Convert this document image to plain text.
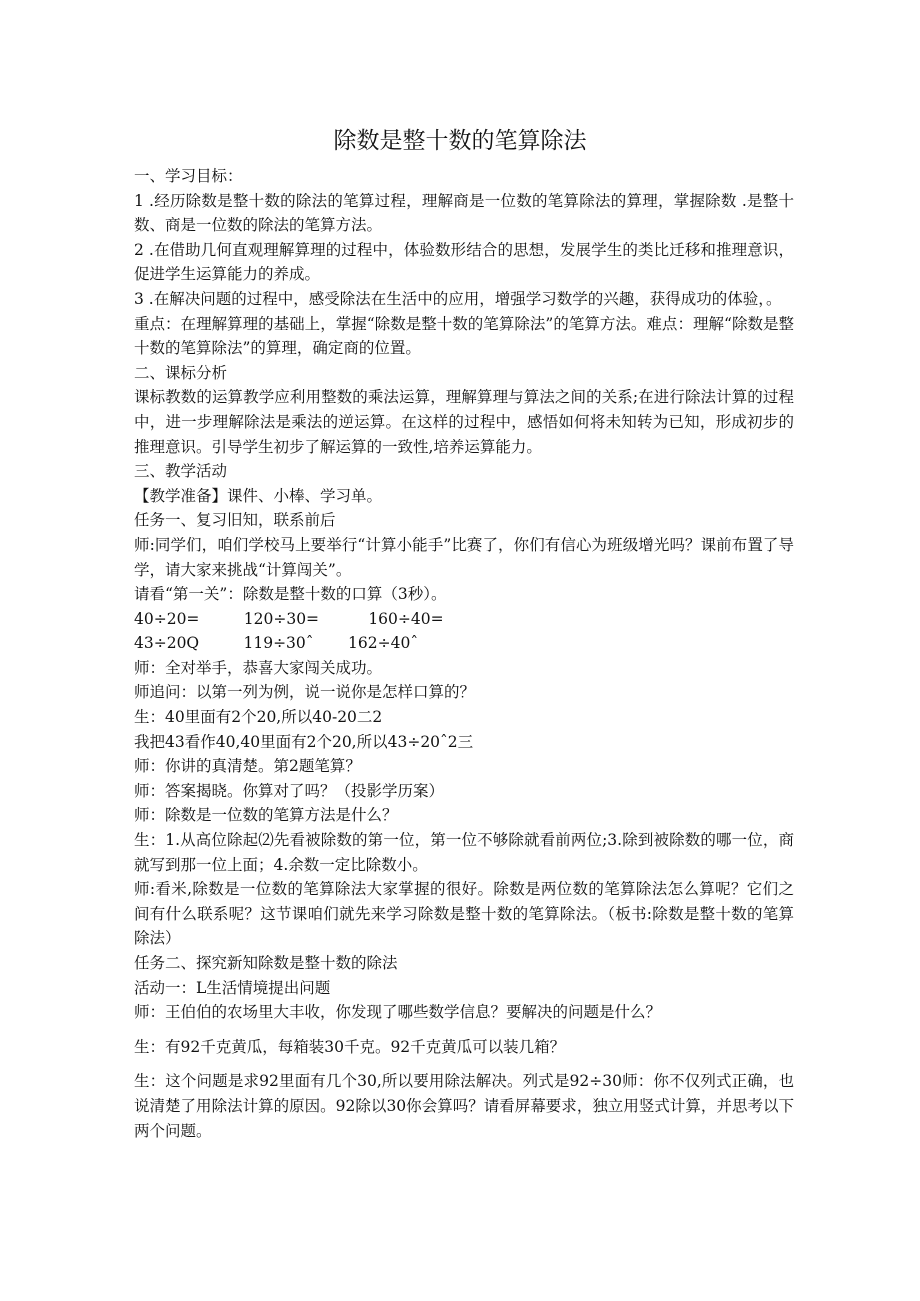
除数是整十数的笔算除法

一、学习目标：

1 .经历除数是整十数的除法的笔算过程，理解商是一位数的笔算除法的算理，掌握除数 .是整十数、商是一位数的除法的笔算方法。

2 .在借助几何直观理解算理的过程中，体验数形结合的思想，发展学生的类比迁移和推理意识，促进学生运算能力的养成。

3 .在解决问题的过程中，感受除法在生活中的应用，增强学习数学的兴趣，获得成功的体验，。

重点：在理解算理的基础上，掌握“除数是整十数的笔算除法”的笔算方法。难点：理解“除数是整十数的笔算除法”的算理，确定商的位置。

二、课标分析

课标教数的运算教学应利用整数的乘法运算，理解算理与算法之间的关系;在进行除法计算的过程中，进一步理解除法是乘法的逆运算。在这样的过程中，感悟如何将未知转为已知，形成初步的推理意识。引导学生初步了解运算的一致性,培养运算能力。

三、教学活动

【教学准备】课件、小棒、学习单。

任务一、复习旧知，联系前后

师:同学们，咱们学校马上要举行“计算小能手”比赛了，你们有信心为班级增光吗？课前布置了导学，请大家来挑战“计算闯关”。

请看“第一关”：除数是整十数的口算（3秒）。

40÷20=         120÷30=          160÷40=

43÷20Q         119÷30ˆ       162÷40ˆ

师：全对举手，恭喜大家闯关成功。

师追问：以第一列为例，说一说你是怎样口算的？

生：40里面有2个20,所以40-20二2

我把43看作40,40里面有2个20,所以43÷20ˆ2三

师：你讲的真清楚。第2题笔算？

师：答案揭晓。你算对了吗？（投影学历案）

师：除数是一位数的笔算方法是什么？

生：1.从高位除起⑵先看被除数的第一位，第一位不够除就看前两位;3.除到被除数的哪一位，商就写到那一位上面；4.余数一定比除数小。

师:看米,除数是一位数的笔算除法大家掌握的很好。除数是两位数的笔算除法怎么算呢？它们之间有什么联系呢？这节课咱们就先来学习除数是整十数的笔算除法。（板书:除数是整十数的笔算除法）

任务二、探究新知除数是整十数的除法

活动一：L生活情境提出问题

师：王伯伯的农场里大丰收，你发现了哪些数学信息？要解决的问题是什么？

生：有92千克黄瓜，每箱装30千克。92千克黄瓜可以装几箱？

生：这个问题是求92里面有几个30,所以要用除法解决。列式是92÷30师：你不仅列式正确，也说清楚了用除法计算的原因。92除以30你会算吗？请看屏幕要求，独立用竖式计算，并思考以下两个问题。
